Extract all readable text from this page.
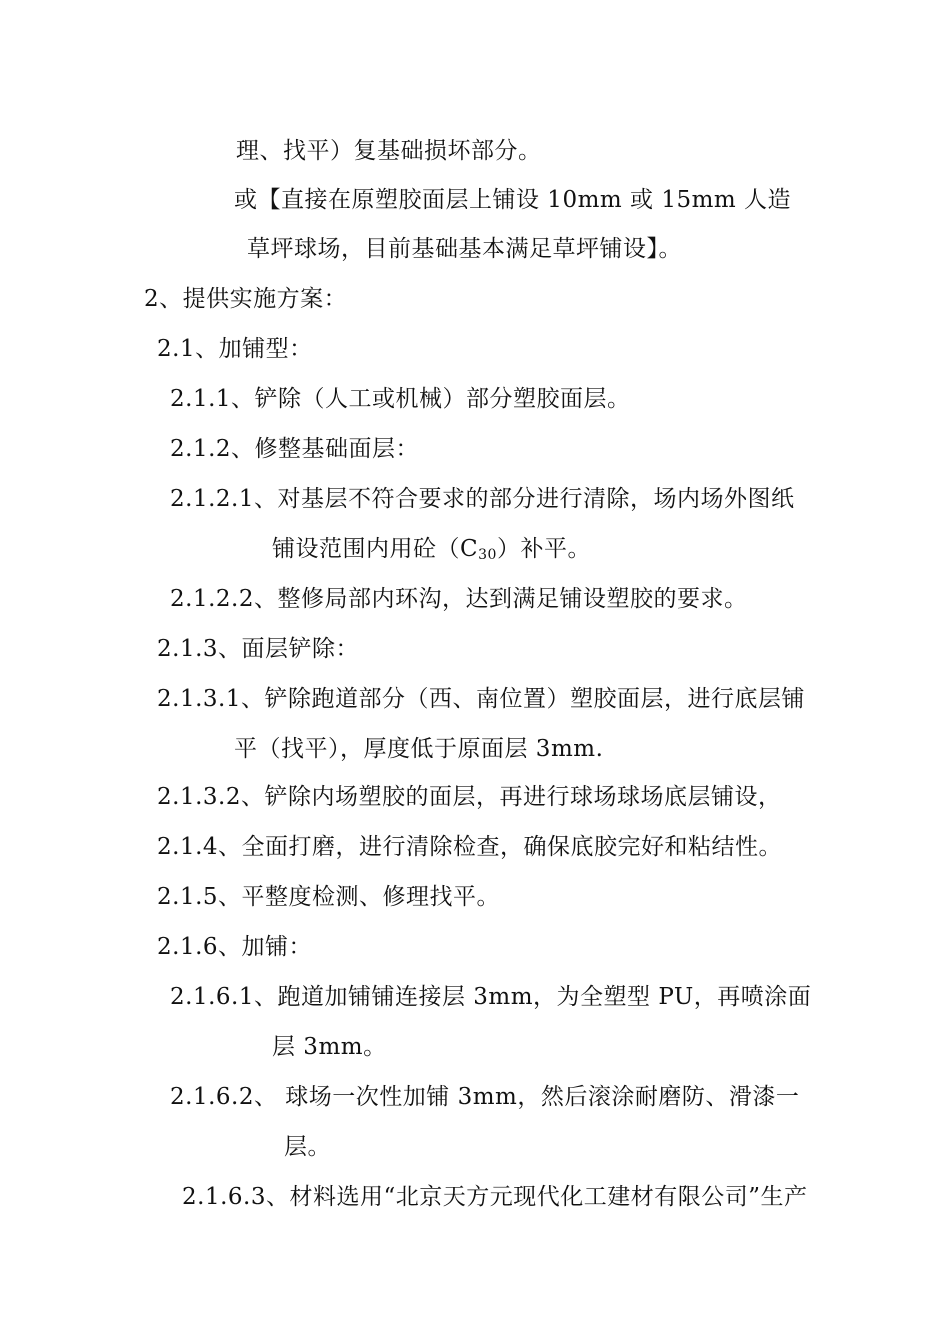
理、找平）复基础损坏部分。
或【直接在原塑胶面层上铺设 10mm 或 15mm 人造
草坪球场，目前基础基本满足草坪铺设】。
2、提供实施方案：
2.1、加铺型：
2.1.1、铲除（人工或机械）部分塑胶面层。
2.1.2、修整基础面层：
2.1.2.1、对基层不符合要求的部分进行清除，场内场外图纸
铺设范围内用砼$(C_{30})$补平。
2.1.2.2、整修局部内环沟，达到满足铺设塑胶的要求。
2.1.3、面层铲除：
2.1.3.1、铲除跑道部分（西、南位置）塑胶面层，进行底层铺
平（找平），厚度低于原面层 3mm.
2.1.3.2、铲除内场塑胶的面层，再进行球场球场底层铺设，
2.1.4、全面打磨，进行清除检查，确保底胶完好和粘结性。
2.1.5、平整度检测、修理找平。
2.1.6、加铺：
2.1.6.1、跑道加铺铺连接层 3mm，为全塑型 PU，再喷涂面
层 3mm。
2.1.6.2、 球场一次性加铺 3mm，然后滚涂耐磨防、滑漆一
层。
2.1.6.3、材料选用“北京天方元现代化工建材有限公司”生产
